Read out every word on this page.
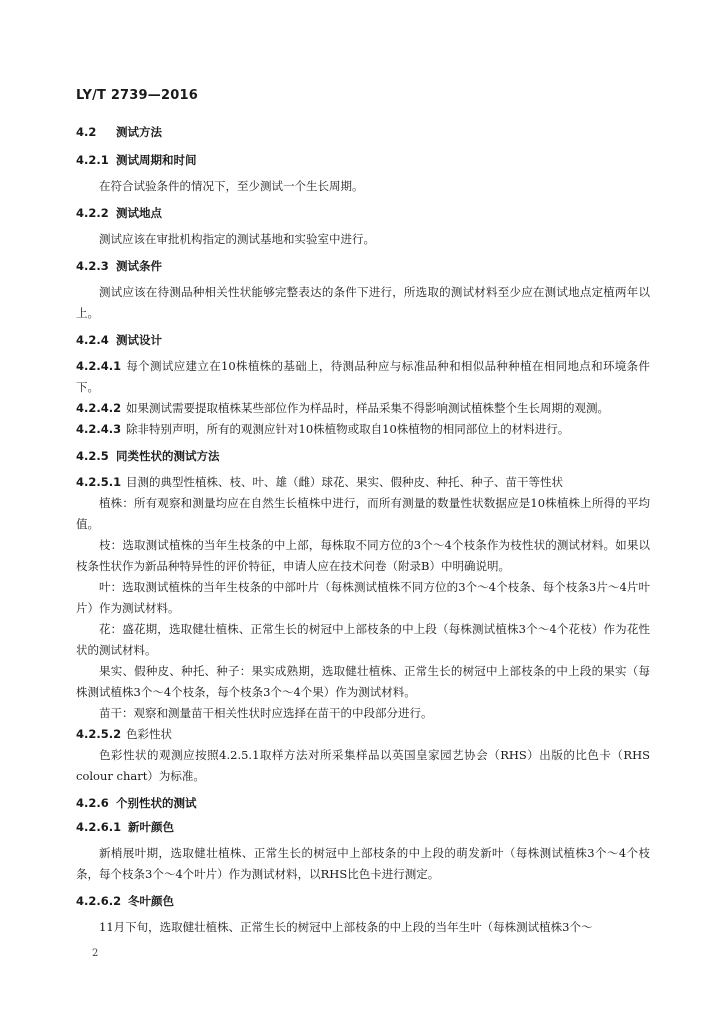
LY/T 2739—2016

4.2 测试方法

4.2.1 测试周期和时间

在符合试验条件的情况下，至少测试一个生长周期。

4.2.2 测试地点

测试应该在审批机构指定的测试基地和实验室中进行。

4.2.3 测试条件

测试应该在待测品种相关性状能够完整表达的条件下进行，所选取的测试材料至少应在测试地点定植两年以上。

4.2.4 测试设计

4.2.4.1 每个测试应建立在10株植株的基础上，待测品种应与标准品种和相似品种种植在相同地点和环境条件下。

4.2.4.2 如果测试需要提取植株某些部位作为样品时，样品采集不得影响测试植株整个生长周期的观测。

4.2.4.3 除非特别声明，所有的观测应针对10株植物或取自10株植物的相同部位上的材料进行。

4.2.5 同类性状的测试方法

4.2.5.1 目测的典型性植株、枝、叶、雄（雌）球花、果实、假种皮、种托、种子、苗干等性状

植株：所有观察和测量均应在自然生长植株中进行，而所有测量的数量性状数据应是10株植株上所得的平均值。

枝：选取测试植株的当年生枝条的中上部，每株取不同方位的3个～4个枝条作为枝性状的测试材料。如果以枝条性状作为新品种特异性的评价特征，申请人应在技术问卷（附录B）中明确说明。

叶：选取测试植株的当年生枝条的中部叶片（每株测试植株不同方位的3个～4个枝条、每个枝条3片～4片叶片）作为测试材料。

花：盛花期，选取健壮植株、正常生长的树冠中上部枝条的中上段（每株测试植株3个～4个花枝）作为花性状的测试材料。

果实、假种皮、种托、种子：果实成熟期，选取健壮植株、正常生长的树冠中上部枝条的中上段的果实（每株测试植株3个～4个枝条，每个枝条3个～4个果）作为测试材料。

苗干：观察和测量苗干相关性状时应选择在苗干的中段部分进行。

4.2.5.2 色彩性状

色彩性状的观测应按照4.2.5.1取样方法对所采集样品以英国皇家园艺协会（RHS）出版的比色卡（RHS colour chart）为标准。

4.2.6 个别性状的测试

4.2.6.1 新叶颜色

新梢展叶期，选取健壮植株、正常生长的树冠中上部枝条的中上段的萌发新叶（每株测试植株3个～4个枝条，每个枝条3个～4个叶片）作为测试材料，以RHS比色卡进行测定。

4.2.6.2 冬叶颜色

11月下旬，选取健壮植株、正常生长的树冠中上部枝条的中上段的当年生叶（每株测试植株3个～

2
